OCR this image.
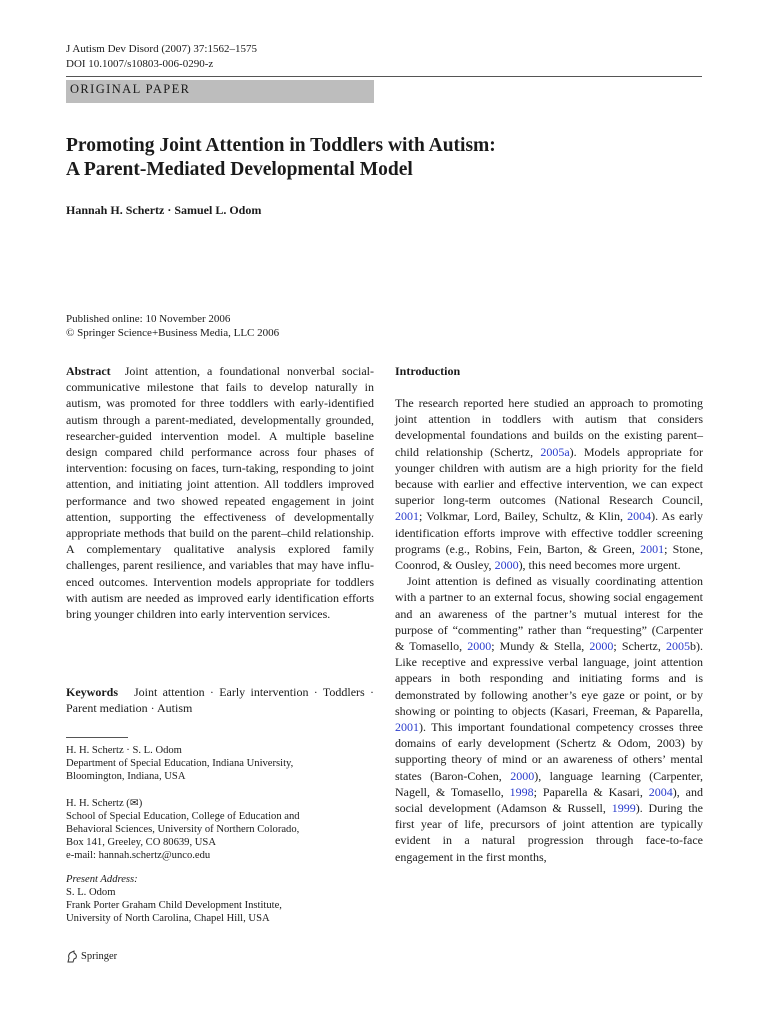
J Autism Dev Disord (2007) 37:1562–1575
DOI 10.1007/s10803-006-0290-z
ORIGINAL PAPER
Promoting Joint Attention in Toddlers with Autism:
A Parent-Mediated Developmental Model
Hannah H. Schertz · Samuel L. Odom
Published online: 10 November 2006
© Springer Science+Business Media, LLC 2006

Abstract Joint attention, a foundational nonverbal social-communicative milestone that fails to develop naturally in autism, was promoted for three toddlers with early-identified autism through a parent-mediated, developmentally grounded, researcher-guided intervention model. A multiple baseline design compared child performance across four phases of intervention: focusing on faces, turn-taking, responding to joint attention, and initiating joint attention. All toddlers improved performance and two showed repeated engagement in joint attention, supporting the effectiveness of developmentally appropriate methods that build on the parent–child relationship. A complementary qualitative analysis explored family challenges, parent resilience, and variables that may have influenced outcomes. Intervention models appropriate for toddlers with autism are needed as improved early identification efforts bring younger children into early intervention services.

Keywords Joint attention · Early intervention · Toddlers · Parent mediation · Autism

H. H. Schertz · S. L. Odom
Department of Special Education, Indiana University,
Bloomington, Indiana, USA
H. H. Schertz (✉)
School of Special Education, College of Education and
Behavioral Sciences, University of Northern Colorado,
Box 141, Greeley, CO 80639, USA
e-mail: hannah.schertz@unco.edu
Present Address:
S. L. Odom
Frank Porter Graham Child Development Institute,
University of North Carolina, Chapel Hill, USA
Springer
Introduction

The research reported here studied an approach to promoting joint attention in toddlers with autism that considers developmental foundations and builds on the existing parent–child relationship (Schertz, 2005a). Models appropriate for younger children with autism are a high priority for the field because with earlier and effective intervention, we can expect superior long-term outcomes (National Research Council, 2001; Volkmar, Lord, Bailey, Schultz, & Klin, 2004). As early identification efforts improve with effective toddler screening programs (e.g., Robins, Fein, Barton, & Green, 2001; Stone, Coonrod, & Ousley, 2000), this need becomes more urgent.

Joint attention is defined as visually coordinating attention with a partner to an external focus, showing social engagement and an awareness of the partner’s mutual interest for the purpose of “commenting” rather than “requesting” (Carpenter & Tomasello, 2000; Mundy & Stella, 2000; Schertz, 2005b). Like receptive and expressive verbal language, joint attention appears in both responding and initiating forms and is demonstrated by following another’s eye gaze or point, or by showing or pointing to objects (Kasari, Freeman, & Paparella, 2001). This important foundational competency crosses three domains of early development (Schertz & Odom, 2003) by supporting theory of mind or an awareness of others’ mental states (Baron-Cohen, 2000), language learning (Carpenter, Nagell, & Tomasello, 1998; Paparella & Kasari, 2004), and social development (Adamson & Russell, 1999). During the first year of life, precursors of joint attention are typically evident in a natural progression through face-to-face engagement in the first months,
